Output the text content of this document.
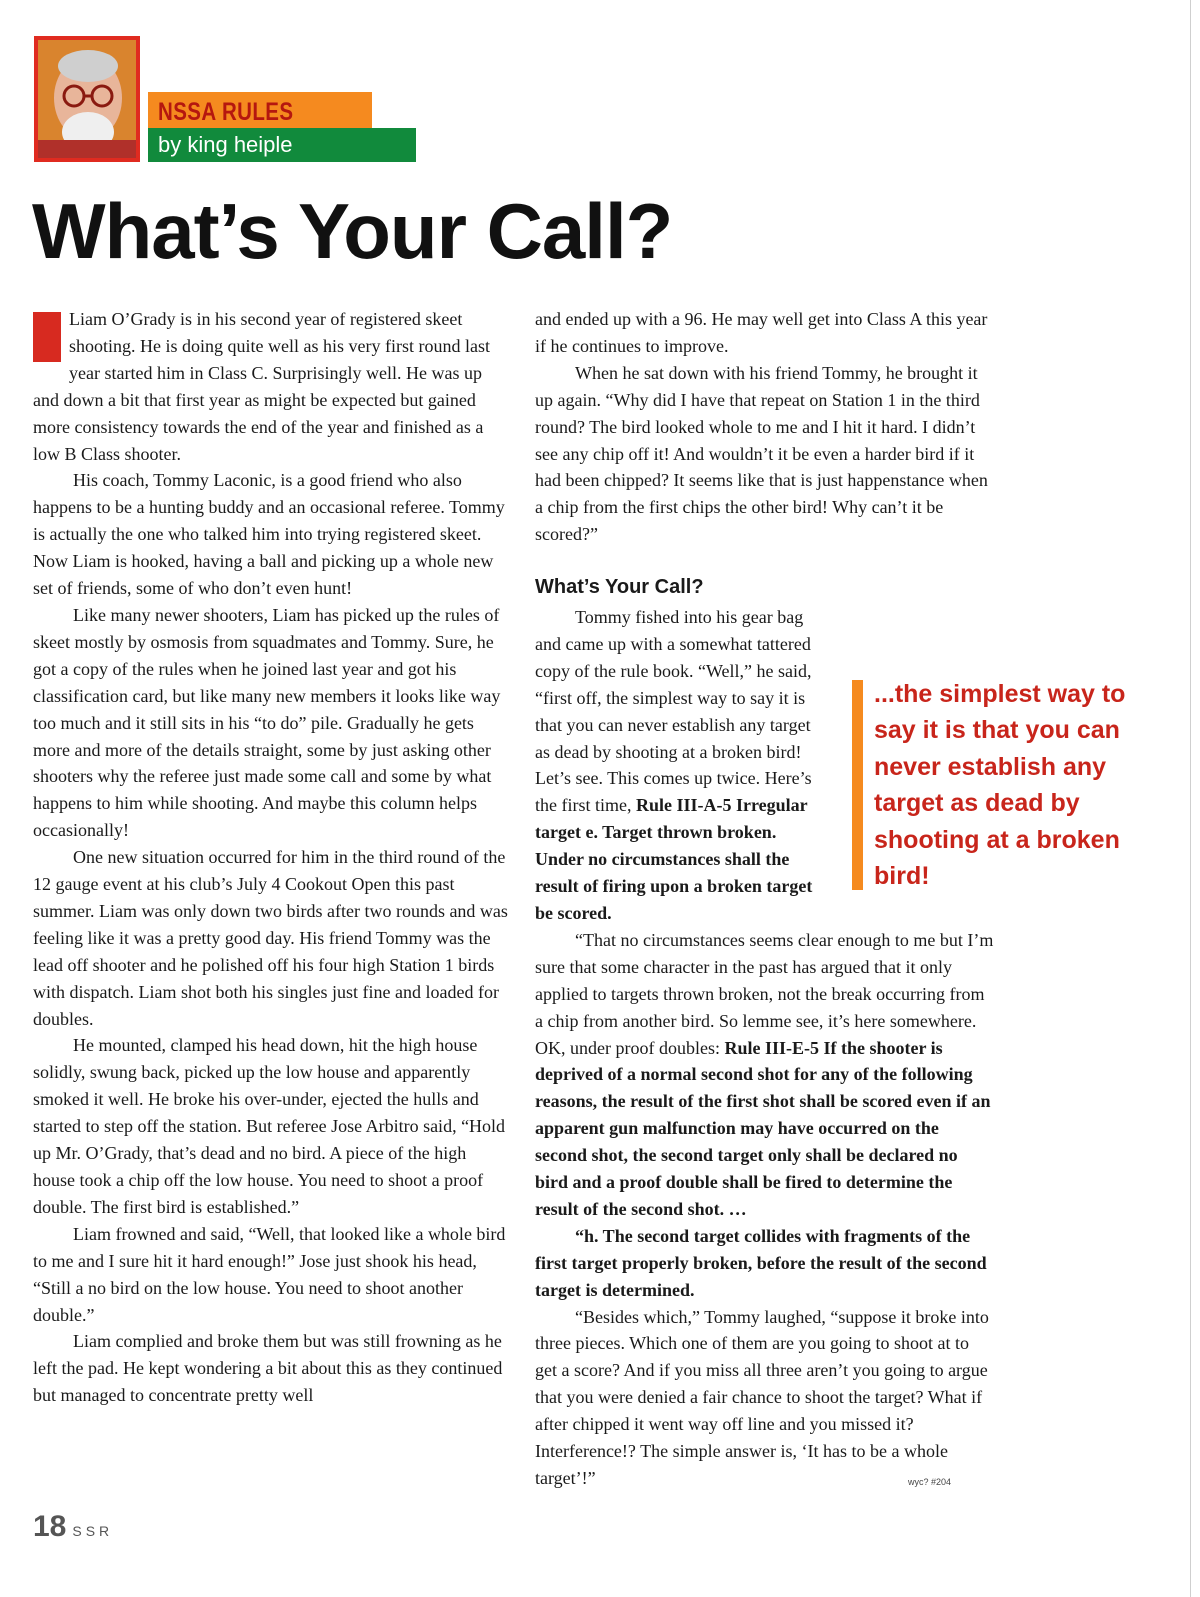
NSSA RULES
by king heiple
What’s Your Call?

Liam O’Grady is in his second year of registered skeet shooting. He is doing quite well as his very first round last year started him in Class C. Surprisingly well. He was up and down a bit that first year as might be expected but gained more consistency towards the end of the year and finished as a low B Class shooter.

His coach, Tommy Laconic, is a good friend who also happens to be a hunting buddy and an occasional referee. Tommy is actually the one who talked him into trying registered skeet. Now Liam is hooked, having a ball and picking up a whole new set of friends, some of who don’t even hunt!

Like many newer shooters, Liam has picked up the rules of skeet mostly by osmosis from squadmates and Tommy. Sure, he got a copy of the rules when he joined last year and got his classification card, but like many new members it looks like way too much and it still sits in his “to do” pile. Gradually he gets more and more of the details straight, some by just asking other shooters why the referee just made some call and some by what happens to him while shooting. And maybe this column helps occasionally!

One new situation occurred for him in the third round of the 12 gauge event at his club’s July 4 Cookout Open this past summer. Liam was only down two birds after two rounds and was feeling like it was a pretty good day. His friend Tommy was the lead off shooter and he polished off his four high Station 1 birds with dispatch. Liam shot both his singles just fine and loaded for doubles.

He mounted, clamped his head down, hit the high house solidly, swung back, picked up the low house and apparently smoked it well. He broke his over-under, ejected the hulls and started to step off the station. But referee Jose Arbitro said, “Hold up Mr. O’Grady, that’s dead and no bird. A piece of the high house took a chip off the low house. You need to shoot a proof double. The first bird is established.”

Liam frowned and said, “Well, that looked like a whole bird to me and I sure hit it hard enough!” Jose just shook his head, “Still a no bird on the low house. You need to shoot another double.”

Liam complied and broke them but was still frowning as he left the pad. He kept wondering a bit about this as they continued but managed to concentrate pretty well

and ended up with a 96. He may well get into Class A this year if he continues to improve.

When he sat down with his friend Tommy, he brought it up again. “Why did I have that repeat on Station 1 in the third round? The bird looked whole to me and I hit it hard. I didn’t see any chip off it! And wouldn’t it be even a harder bird if it had been chipped? It seems like that is just happenstance when a chip from the first chips the other bird! Why can’t it be scored?”

What’s Your Call?

Tommy fished into his gear bag and came up with a somewhat tattered copy of the rule book. “Well,” he said, “first off, the simplest way to say it is that you can never establish any target as dead by shooting at a broken bird! Let’s see. This comes up twice. Here’s the first time, Rule III-A-5 Irregular target e. Target thrown broken. Under no circumstances shall the result of firing upon a broken target be scored.

“That no circumstances seems clear enough to me but I’m sure that some character in the past has argued that it only applied to targets thrown broken, not the break occurring from a chip from another bird. So lemme see, it’s here somewhere. OK, under proof doubles: Rule III-E-5 If the shooter is deprived of a normal second shot for any of the following reasons, the result of the first shot shall be scored even if an apparent gun malfunction may have occurred on the second shot, the second target only shall be declared no bird and a proof double shall be fired to determine the result of the second shot. …

“h. The second target collides with fragments of the first target properly broken, before the result of the second target is determined.

“Besides which,” Tommy laughed, “suppose it broke into three pieces. Which one of them are you going to shoot at to get a score? And if you miss all three aren’t you going to argue that you were denied a fair chance to shoot the target? What if after chipped it went way off line and you missed it? Interference!? The simple answer is, ‘It has to be a whole target’!”

...the simplest way to say it is that you can never establish any target as dead by shooting at a broken bird!
wyc? #204
18 SSR
